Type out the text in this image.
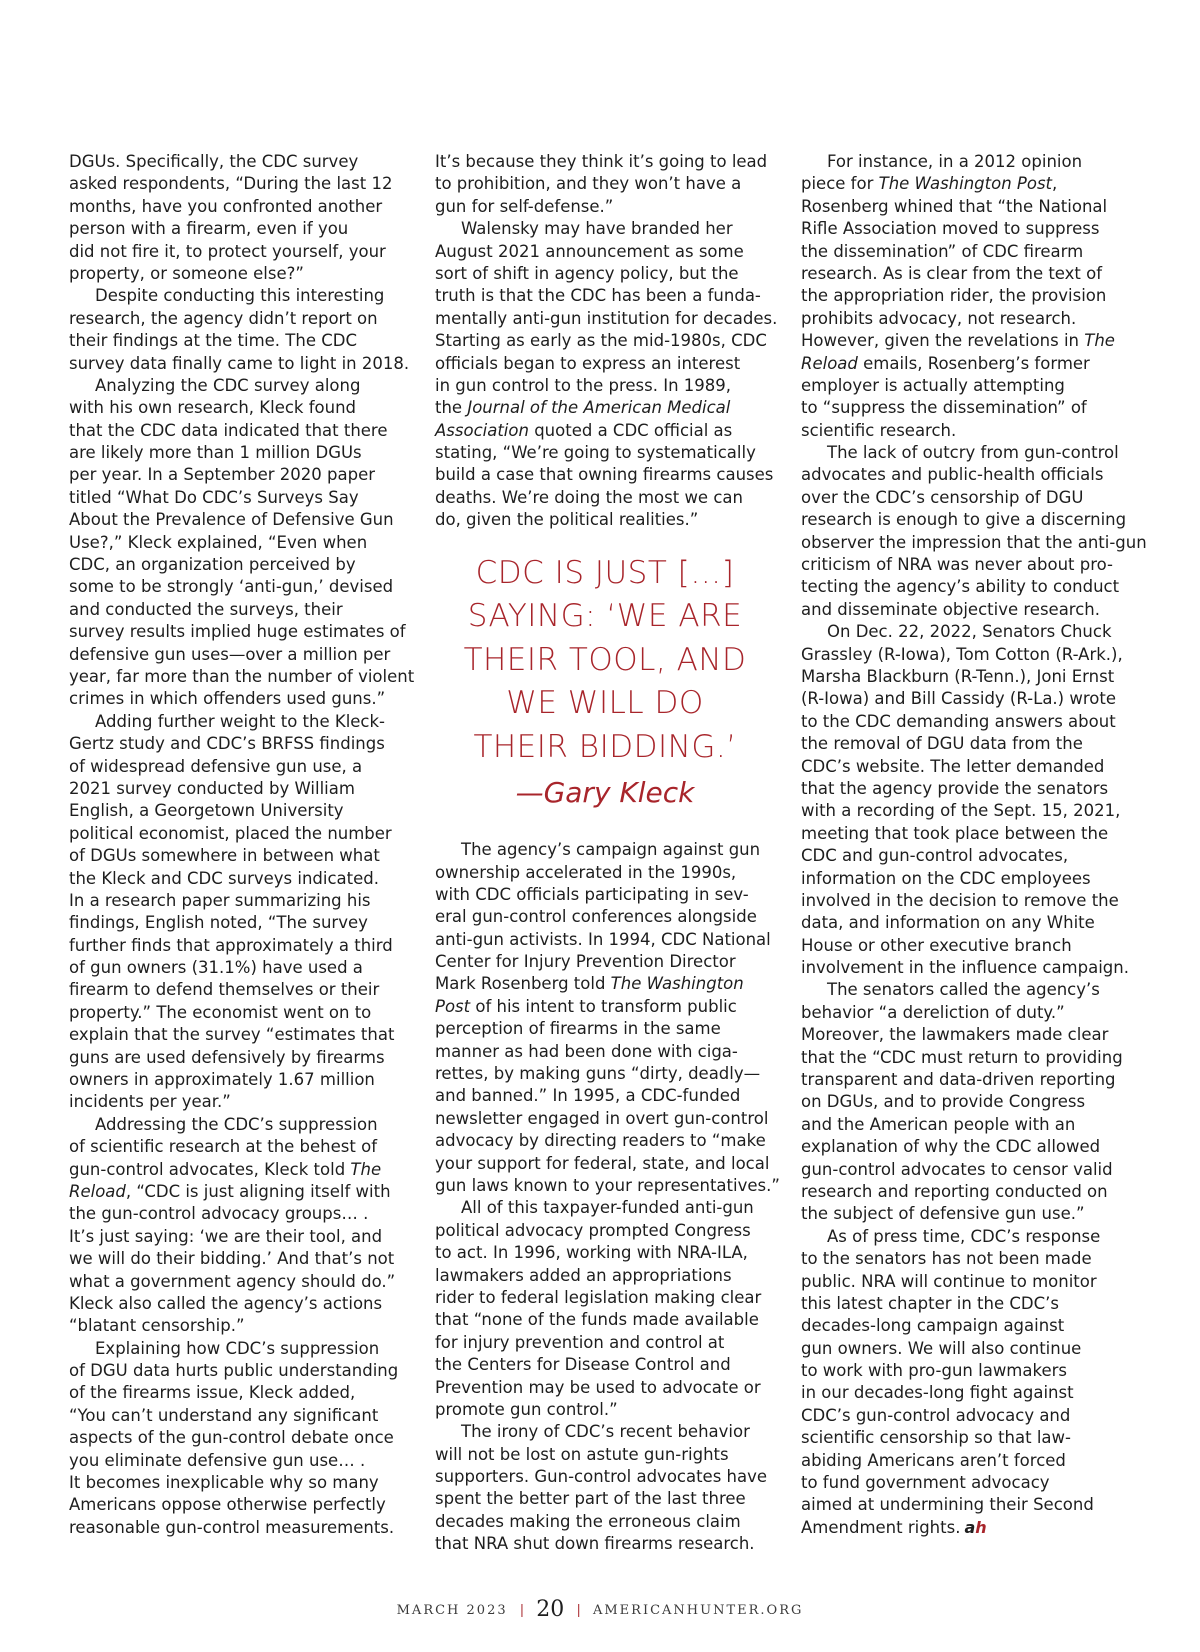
DGUs. Specifically, the CDC survey
asked respondents, “During the last 12
months, have you confronted another
person with a firearm, even if you
did not fire it, to protect yourself, your
property, or someone else?”
Despite conducting this interesting
research, the agency didn’t report on
their findings at the time. The CDC
survey data finally came to light in 2018.
Analyzing the CDC survey along
with his own research, Kleck found
that the CDC data indicated that there
are likely more than 1 million DGUs
per year. In a September 2020 paper
titled “What Do CDC’s Surveys Say
About the Prevalence of Defensive Gun
Use?,” Kleck explained, “Even when
CDC, an organization perceived by
some to be strongly ‘anti-gun,’ devised
and conducted the surveys, their
survey results implied huge estimates of
defensive gun uses—over a million per
year, far more than the number of violent
crimes in which offenders used guns.”
Adding further weight to the Kleck-
Gertz study and CDC’s BRFSS findings
of widespread defensive gun use, a
2021 survey conducted by William
English, a Georgetown University
political economist, placed the number
of DGUs somewhere in between what
the Kleck and CDC surveys indicated.
In a research paper summarizing his
findings, English noted, “The survey
further finds that approximately a third
of gun owners (31.1%) have used a
firearm to defend themselves or their
property.” The economist went on to
explain that the survey “estimates that
guns are used defensively by firearms
owners in approximately 1.67 million
incidents per year.”
Addressing the CDC’s suppression
of scientific research at the behest of
gun-control advocates, Kleck told The
Reload, “CDC is just aligning itself with
the gun-control advocacy groups… .
It’s just saying: ‘we are their tool, and
we will do their bidding.’ And that’s not
what a government agency should do.”
Kleck also called the agency’s actions
“blatant censorship.”
Explaining how CDC’s suppression
of DGU data hurts public understanding
of the firearms issue, Kleck added,
“You can’t understand any significant
aspects of the gun-control debate once
you eliminate defensive gun use… .
It becomes inexplicable why so many
Americans oppose otherwise perfectly
reasonable gun-control measurements.
It’s because they think it’s going to lead
to prohibition, and they won’t have a
gun for self-defense.”
Walensky may have branded her
August 2021 announcement as some
sort of shift in agency policy, but the
truth is that the CDC has been a funda-
mentally anti-gun institution for decades.
Starting as early as the mid-1980s, CDC
officials began to express an interest
in gun control to the press. In 1989,
the Journal of the American Medical
Association quoted a CDC official as
stating, “We’re going to systematically
build a case that owning firearms causes
deaths. We’re doing the most we can
do, given the political realities.”
CDC IS JUST […]
SAYING: ‘WE ARE
THEIR TOOL, AND
WE WILL DO
THEIR BIDDING.’
—Gary Kleck
The agency’s campaign against gun
ownership accelerated in the 1990s,
with CDC officials participating in sev-
eral gun-control conferences alongside
anti-gun activists. In 1994, CDC National
Center for Injury Prevention Director
Mark Rosenberg told The Washington
Post of his intent to transform public
perception of firearms in the same
manner as had been done with ciga-
rettes, by making guns “dirty, deadly—
and banned.” In 1995, a CDC-funded
newsletter engaged in overt gun-control
advocacy by directing readers to “make
your support for federal, state, and local
gun laws known to your representatives.”
All of this taxpayer-funded anti-gun
political advocacy prompted Congress
to act. In 1996, working with NRA-ILA,
lawmakers added an appropriations
rider to federal legislation making clear
that “none of the funds made available
for injury prevention and control at
the Centers for Disease Control and
Prevention may be used to advocate or
promote gun control.”
The irony of CDC’s recent behavior
will not be lost on astute gun-rights
supporters. Gun-control advocates have
spent the better part of the last three
decades making the erroneous claim
that NRA shut down firearms research.
For instance, in a 2012 opinion
piece for The Washington Post,
Rosenberg whined that “the National
Rifle Association moved to suppress
the dissemination” of CDC firearm
research. As is clear from the text of
the appropriation rider, the provision
prohibits advocacy, not research.
However, given the revelations in The
Reload emails, Rosenberg’s former
employer is actually attempting
to “suppress the dissemination” of
scientific research.
The lack of outcry from gun-control
advocates and public-health officials
over the CDC’s censorship of DGU
research is enough to give a discerning
observer the impression that the anti-gun
criticism of NRA was never about pro-
tecting the agency’s ability to conduct
and disseminate objective research.
On Dec. 22, 2022, Senators Chuck
Grassley (R-Iowa), Tom Cotton (R-Ark.),
Marsha Blackburn (R-Tenn.), Joni Ernst
(R-Iowa) and Bill Cassidy (R-La.) wrote
to the CDC demanding answers about
the removal of DGU data from the
CDC’s website. The letter demanded
that the agency provide the senators
with a recording of the Sept. 15, 2021,
meeting that took place between the
CDC and gun-control advocates,
information on the CDC employees
involved in the decision to remove the
data, and information on any White
House or other executive branch
involvement in the influence campaign.
The senators called the agency’s
behavior “a dereliction of duty.”
Moreover, the lawmakers made clear
that the “CDC must return to providing
transparent and data-driven reporting
on DGUs, and to provide Congress
and the American people with an
explanation of why the CDC allowed
gun-control advocates to censor valid
research and reporting conducted on
the subject of defensive gun use.”
As of press time, CDC’s response
to the senators has not been made
public. NRA will continue to monitor
this latest chapter in the CDC’s
decades-long campaign against
gun owners. We will also continue
to work with pro-gun lawmakers
in our decades-long fight against
CDC’s gun-control advocacy and
scientific censorship so that law-
abiding Americans aren’t forced
to fund government advocacy
aimed at undermining their Second
Amendment rights. ah
MARCH 2023 | 20 | AMERICANHUNTER.ORG
